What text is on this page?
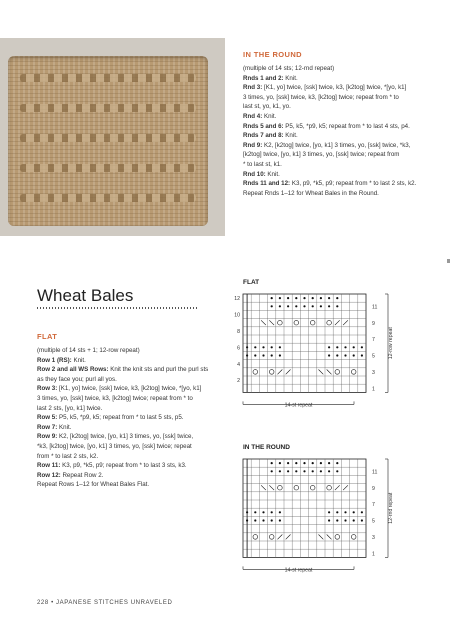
IN THE ROUND

(multiple of 14 sts; 12-rnd repeat)

Rnds 1 and 2: Knit.

Rnd 3: [K1, yo] twice, [ssk] twice, k3, [k2tog] twice, *[yo, k1]

3 times, yo, [ssk] twice, k3, [k2tog] twice; repeat from * to

last st, yo, k1, yo.

Rnd 4: Knit.

Rnds 5 and 6: P5, k5, *p9, k5; repeat from * to last 4 sts, p4.

Rnds 7 and 8: Knit.

Rnd 9: K2, [k2tog] twice, [yo, k1] 3 times, yo, [ssk] twice, *k3,

[k2tog] twice, [yo, k1] 3 times, yo, [ssk] twice; repeat from

* to last st, k1.

Rnd 10: Knit.

Rnds 11 and 12: K3, p9, *k5, p9; repeat from * to last 2 sts, k2.

Repeat Rnds 1–12 for Wheat Bales in the Round.

Wheat Bales
FLAT

(multiple of 14 sts + 1; 12-row repeat)

Row 1 (RS): Knit.

Row 2 and all WS Rows: Knit the knit sts and purl the purl sts

as they face you; purl all yos.

Row 3: [K1, yo] twice, [ssk] twice, k3, [k2tog] twice, *[yo, k1]

3 times, yo, [ssk] twice, k3, [k2tog] twice; repeat from * to

last 2 sts, [yo, k1] twice.

Row 5: P5, k5, *p9, k5; repeat from * to last 5 sts, p5.

Row 7: Knit.

Row 9: K2, [k2tog] twice, [yo, k1] 3 times, yo, [ssk] twice,

*k3, [k2tog] twice, [yo, k1] 3 times, yo, [ssk] twice; repeat

from * to last 2 sts, k2.

Row 11: K3, p9, *k5, p9; repeat from * to last 3 sts, k3.

Row 12: Repeat Row 2.

Repeat Rows 1–12 for Wheat Bales Flat.

FLAT
IN THE ROUND
11
9
7
5
3
1
12
10
8
6
4
2
14-st repeat
12-row repeat
11
9
7
5
3
1
14-st repeat
12-rnd repeat
228 • JAPANESE STITCHES UNRAVELED
